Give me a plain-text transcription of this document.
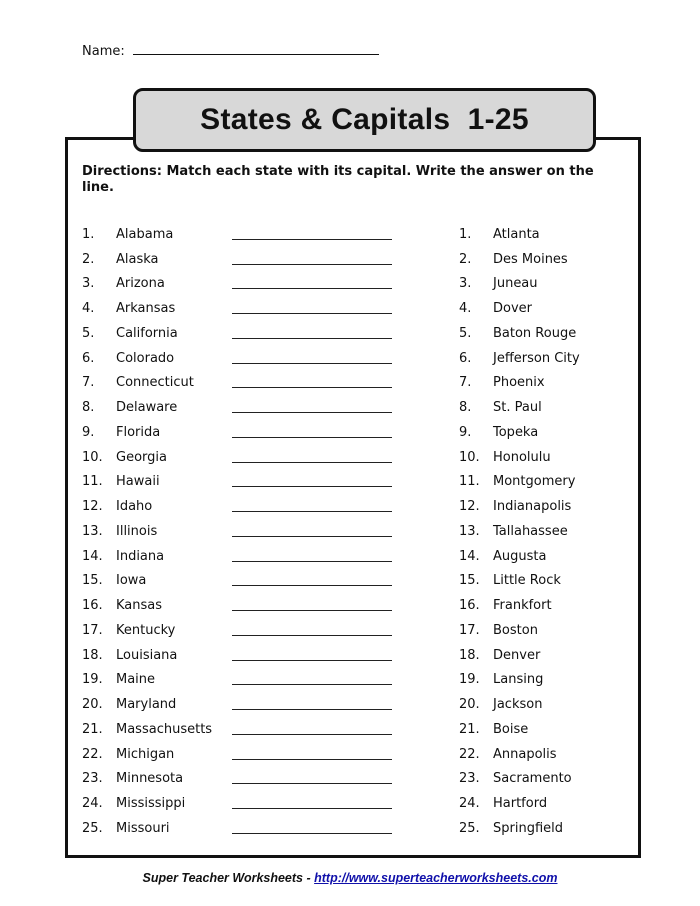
Name:
States & Capitals  1-25
Directions: Match each state with its capital. Write the answer on the line.
1.	Alabama
2.	Alaska
3.	Arizona
4.	Arkansas
5.	California
6.	Colorado
7.	Connecticut
8.	Delaware
9.	Florida
10.	Georgia
11.	Hawaii
12.	Idaho
13.	Illinois
14.	Indiana
15.	Iowa
16.	Kansas
17.	Kentucky
18.	Louisiana
19.	Maine
20.	Maryland
21.	Massachusetts
22.	Michigan
23.	Minnesota
24.	Mississippi
25.	Missouri
1.	Atlanta
2.	Des Moines
3.	Juneau
4.	Dover
5.	Baton Rouge
6.	Jefferson City
7.	Phoenix
8.	St. Paul
9.	Topeka
10.	Honolulu
11.	Montgomery
12.	Indianapolis
13.	Tallahassee
14.	Augusta
15.	Little Rock
16.	Frankfort
17.	Boston
18.	Denver
19.	Lansing
20.	Jackson
21.	Boise
22.	Annapolis
23.	Sacramento
24.	Hartford
25.	Springfield
Super Teacher Worksheets - http://www.superteacherworksheets.com
